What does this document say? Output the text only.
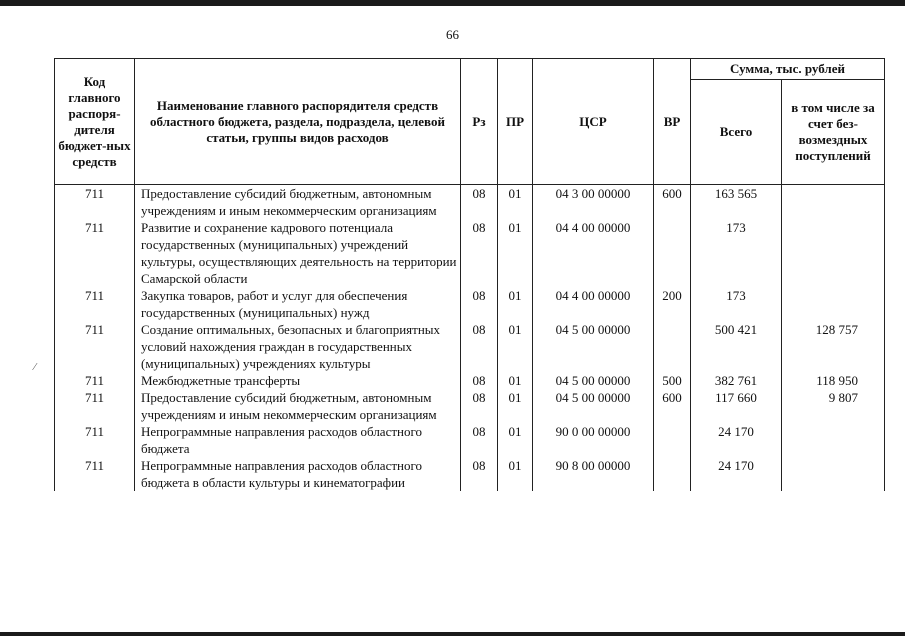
66
⁄
Код главного распоря-дителя бюджет-ных средств	Наименование главного распорядителя средств областного бюджета, раздела, подраздела, целевой статьи, группы видов расходов	Рз	ПР	ЦСР	ВР	Сумма, тыс. рублей	
						Всего	в том числе за счет без-возмездных поступлений
711	Предоставление субсидий бюджетным, автономным учреждениям и иным некоммерческим организациям	08	01	04 3 00 00000	600	163 565	
711	Развитие и сохранение кадрового потенциала государственных (муниципальных) учреждений культуры, осуществляющих деятельность на территории Самарской области	08	01	04 4 00 00000		173	
711	Закупка товаров, работ и услуг для обеспечения государственных (муниципальных) нужд	08	01	04 4 00 00000	200	173	
711	Создание оптимальных, безопасных и благоприятных условий нахождения граждан в государственных (муниципальных) учреждениях культуры	08	01	04 5 00 00000		500 421	128 757
711	Межбюджетные трансферты	08	01	04 5 00 00000	500	382 761	118 950
711	Предоставление субсидий бюджетным, автономным учреждениям и иным некоммерческим организациям	08	01	04 5 00 00000	600	117 660	9 807
711	Непрограммные направления расходов областного бюджета	08	01	90 0 00 00000		24 170	
711	Непрограммные направления расходов областного бюджета в области культуры и кинематографии	08	01	90 8 00 00000		24 170	
